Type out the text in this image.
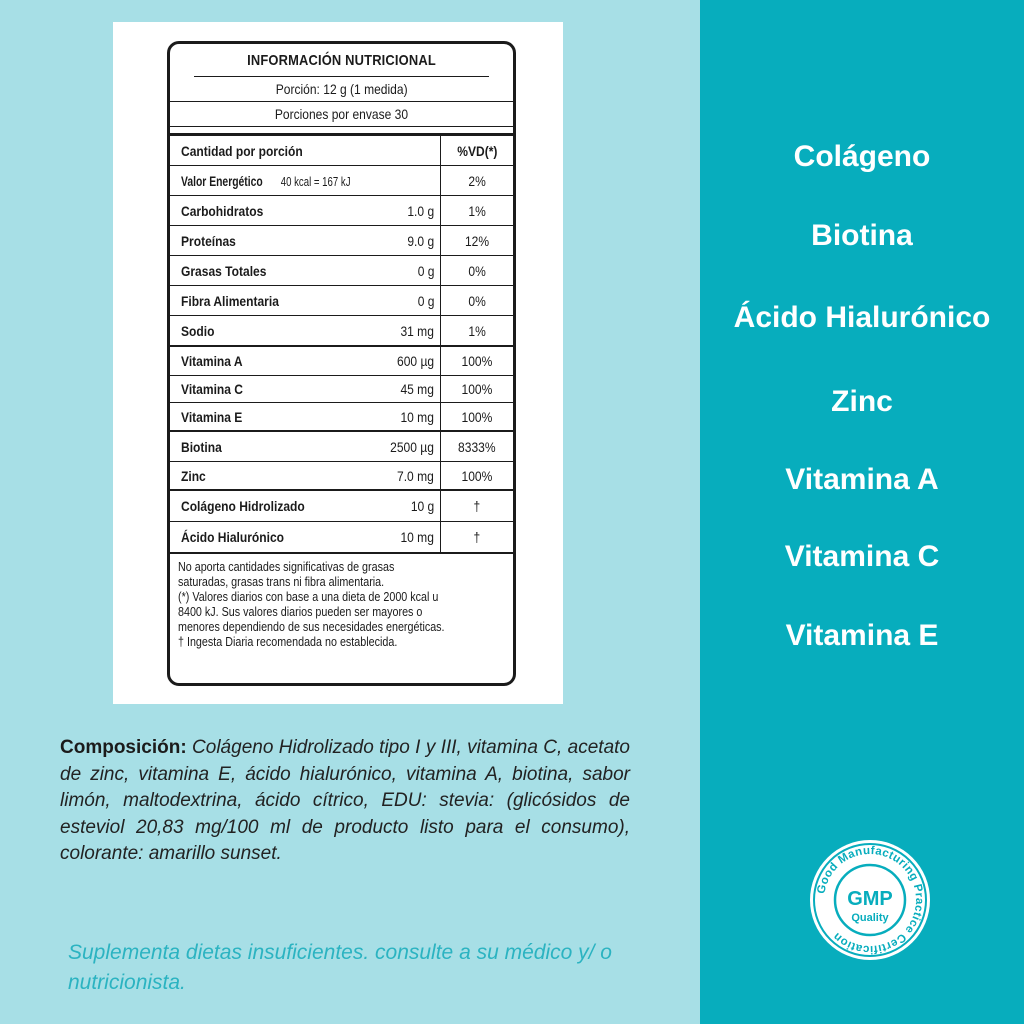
INFORMACIÓN NUTRICIONAL
Porción: 12 g (1 medida)
Porciones por envase 30
Cantidad por porción	%VD(*)
Valor Energético 40 kcal = 167 kJ	2%
Carbohidratos	1.0 g	1%
Proteínas	9.0 g	12%
Grasas Totales	0 g	0%
Fibra Alimentaria	0 g	0%
Sodio	31 mg	1%
Vitamina A	600 µg	100%
Vitamina C	45 mg	100%
Vitamina E	10 mg	100%
Biotina	2500 µg	8333%
Zinc	7.0 mg	100%
Colágeno Hidrolizado	10 g	†
Ácido Hialurónico	10 mg	†

No aporta cantidades significativas de grasas

saturadas, grasas trans ni fibra alimentaria.

(*) Valores diarios con base a una dieta de 2000 kcal u

8400 kJ. Sus valores diarios pueden ser mayores o

menores dependiendo de sus necesidades energéticas.

† Ingesta Diaria recomendada no establecida.

Composición: Colágeno Hidrolizado tipo I y III, vitamina C, acetato de zinc, vitamina E, ácido hialurónico, vitamina A, biotina, sabor limón, maltodextrina, ácido cítrico, EDU: stevia: (glicósidos de esteviol 20,83 mg/100 ml de producto listo para el consumo), colorante: amarillo sunset.
Suplementa dietas insuficientes. consulte a su médico y/ o nutricionista.
Colágeno
Biotina
Ácido Hialurónico
Zinc
Vitamina A
Vitamina C
Vitamina E
Good Manufacturing Practice Certification
GMP
Quality
